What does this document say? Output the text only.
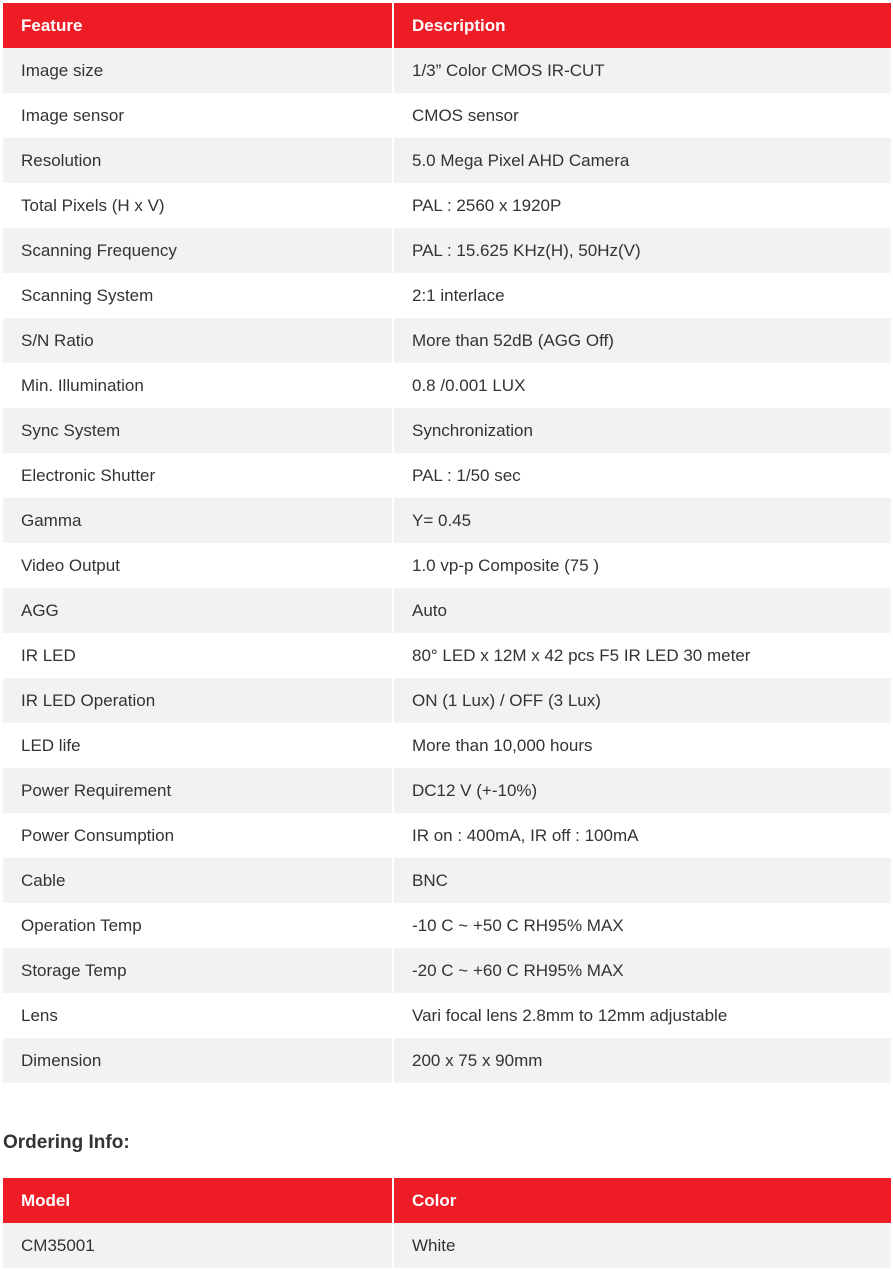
Feature	Description
Image size	1/3” Color CMOS IR-CUT
Image sensor	CMOS sensor
Resolution	5.0 Mega Pixel AHD Camera
Total Pixels (H x V)	PAL : 2560 x 1920P
Scanning Frequency	PAL : 15.625 KHz(H), 50Hz(V)
Scanning System	2:1 interlace
S/N Ratio	More than 52dB (AGG Off)
Min. Illumination	0.8 /0.001 LUX
Sync System	Synchronization
Electronic Shutter	PAL : 1/50 sec
Gamma	Y= 0.45
Video Output	1.0 vp-p Composite (75 )
AGG	Auto
IR LED	80° LED x 12M x 42 pcs F5 IR LED 30 meter
IR LED Operation	ON (1 Lux) / OFF (3 Lux)
LED life	More than 10,000 hours
Power Requirement	DC12 V (+-10%)
Power Consumption	IR on : 400mA, IR off : 100mA
Cable	BNC
Operation Temp	-10 C ~ +50 C RH95% MAX
Storage Temp	-20 C ~ +60 C RH95% MAX
Lens	Vari focal lens 2.8mm to 12mm adjustable
Dimension	200 x 75 x 90mm
Ordering Info:
Model	Color
CM35001	White
